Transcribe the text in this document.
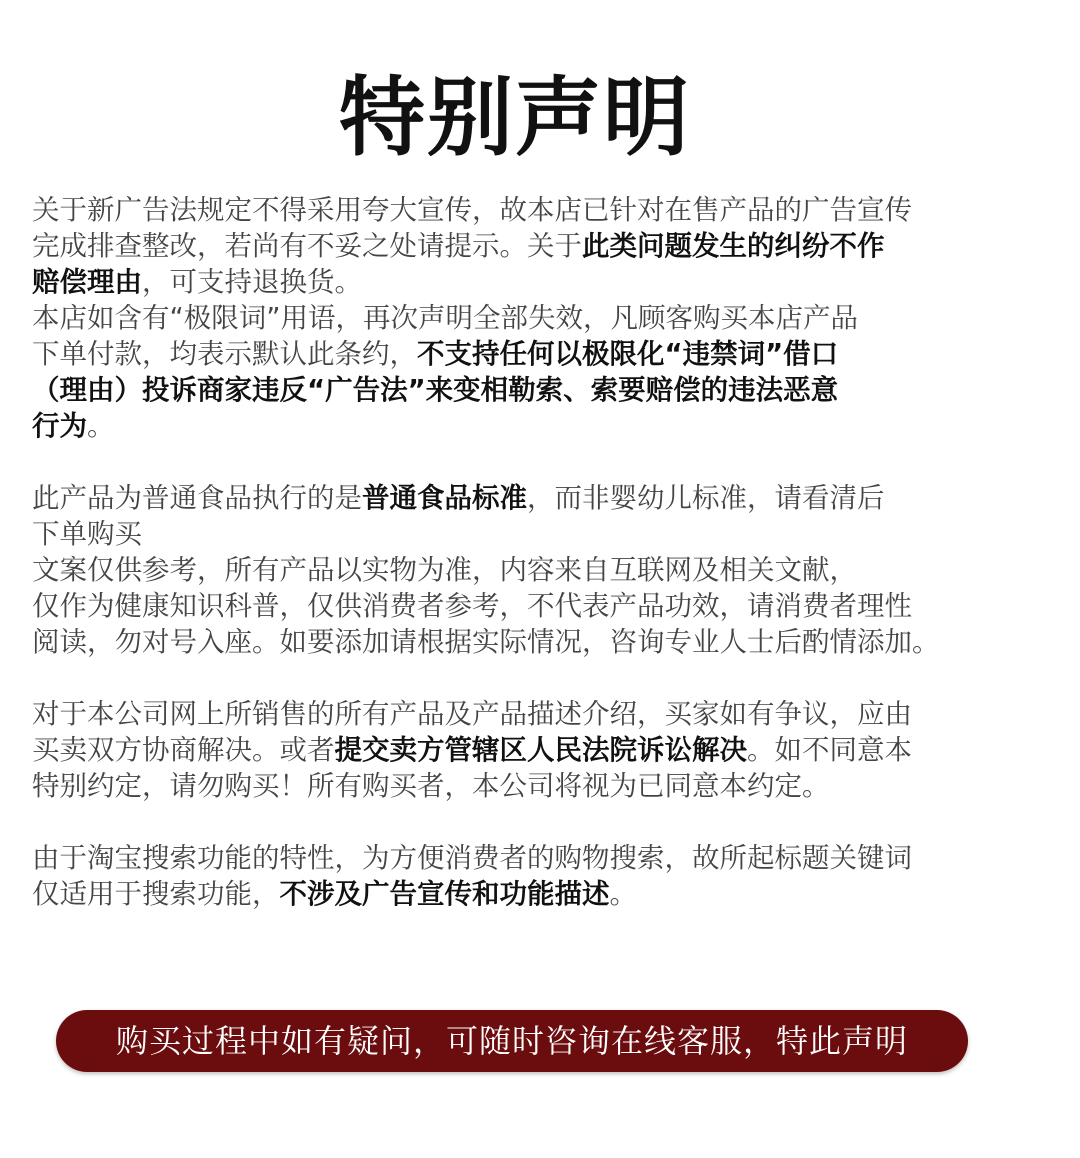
特别声明
关于新广告法规定不得采用夸大宣传，故本店已针对在售产品的广告宣传
完成排查整改，若尚有不妥之处请提示。关于此类问题发生的纠纷不作
赔偿理由，可支持退换货。
本店如含有“极限词”用语，再次声明全部失效，凡顾客购买本店产品
下单付款，均表示默认此条约，不支持任何以极限化“违禁词”借口
（理由）投诉商家违反“广告法”来变相勒索、索要赔偿的违法恶意
行为。
此产品为普通食品执行的是普通食品标准，而非婴幼儿标准，请看清后
下单购买
文案仅供参考，所有产品以实物为准，内容来自互联网及相关文献，
仅作为健康知识科普，仅供消费者参考，不代表产品功效，请消费者理性
阅读，勿对号入座。如要添加请根据实际情况，咨询专业人士后酌情添加。
对于本公司网上所销售的所有产品及产品描述介绍，买家如有争议，应由
买卖双方协商解决。或者提交卖方管辖区人民法院诉讼解决。如不同意本
特别约定，请勿购买！所有购买者，本公司将视为已同意本约定。
由于淘宝搜索功能的特性，为方便消费者的购物搜索，故所起标题关键词
仅适用于搜索功能，不涉及广告宣传和功能描述。
购买过程中如有疑问，可随时咨询在线客服，特此声明
